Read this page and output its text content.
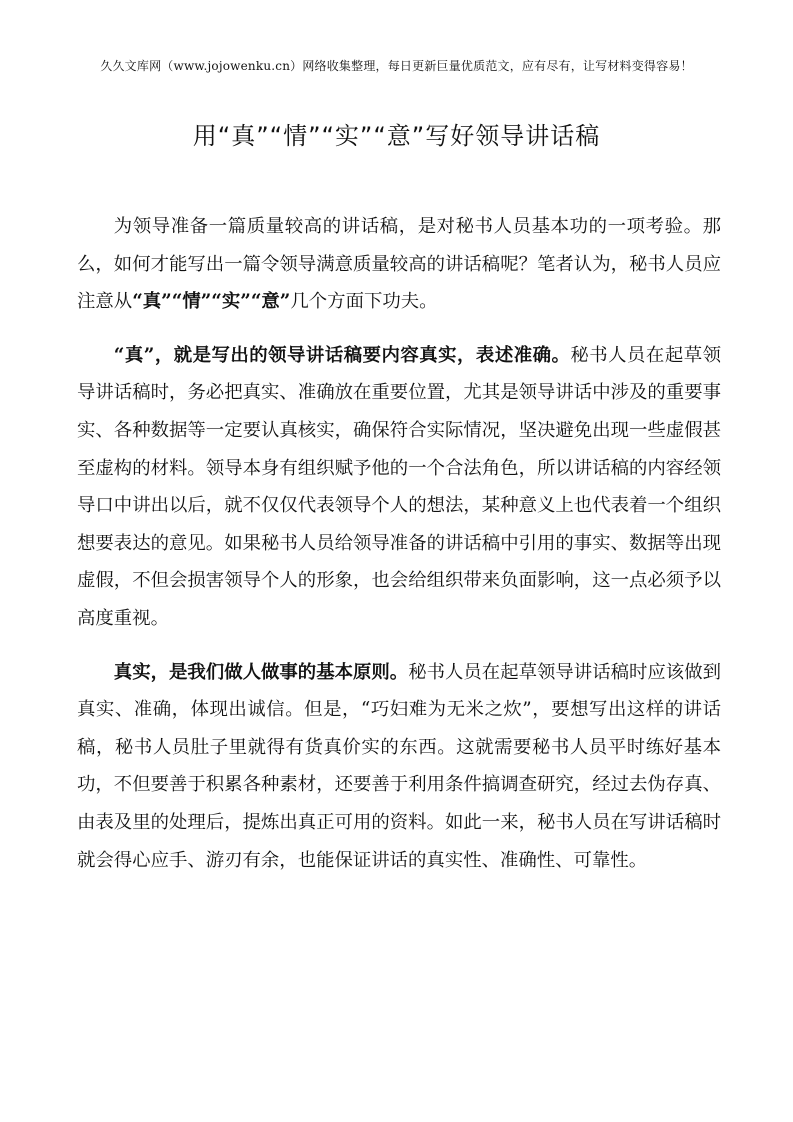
久久文库网（www.jojowenku.cn）网络收集整理，每日更新巨量优质范文，应有尽有，让写材料变得容易！
用“真”“情”“实”“意”写好领导讲话稿

为领导准备一篇质量较高的讲话稿，是对秘书人员基本功的一项考验。那么，如何才能写出一篇令领导满意质量较高的讲话稿呢？笔者认为，秘书人员应注意从“真”“情”“实”“意”几个方面下功夫。

“真”，就是写出的领导讲话稿要内容真实，表述准确。秘书人员在起草领导讲话稿时，务必把真实、准确放在重要位置，尤其是领导讲话中涉及的重要事实、各种数据等一定要认真核实，确保符合实际情况，坚决避免出现一些虚假甚至虚构的材料。领导本身有组织赋予他的一个合法角色，所以讲话稿的内容经领导口中讲出以后，就不仅仅代表领导个人的想法，某种意义上也代表着一个组织想要表达的意见。如果秘书人员给领导准备的讲话稿中引用的事实、数据等出现虚假，不但会损害领导个人的形象，也会给组织带来负面影响，这一点必须予以高度重视。

真实，是我们做人做事的基本原则。秘书人员在起草领导讲话稿时应该做到真实、准确，体现出诚信。但是，“巧妇难为无米之炊”，要想写出这样的讲话稿，秘书人员肚子里就得有货真价实的东西。这就需要秘书人员平时练好基本功，不但要善于积累各种素材，还要善于利用条件搞调查研究，经过去伪存真、由表及里的处理后，提炼出真正可用的资料。如此一来，秘书人员在写讲话稿时就会得心应手、游刃有余，也能保证讲话的真实性、准确性、可靠性。
